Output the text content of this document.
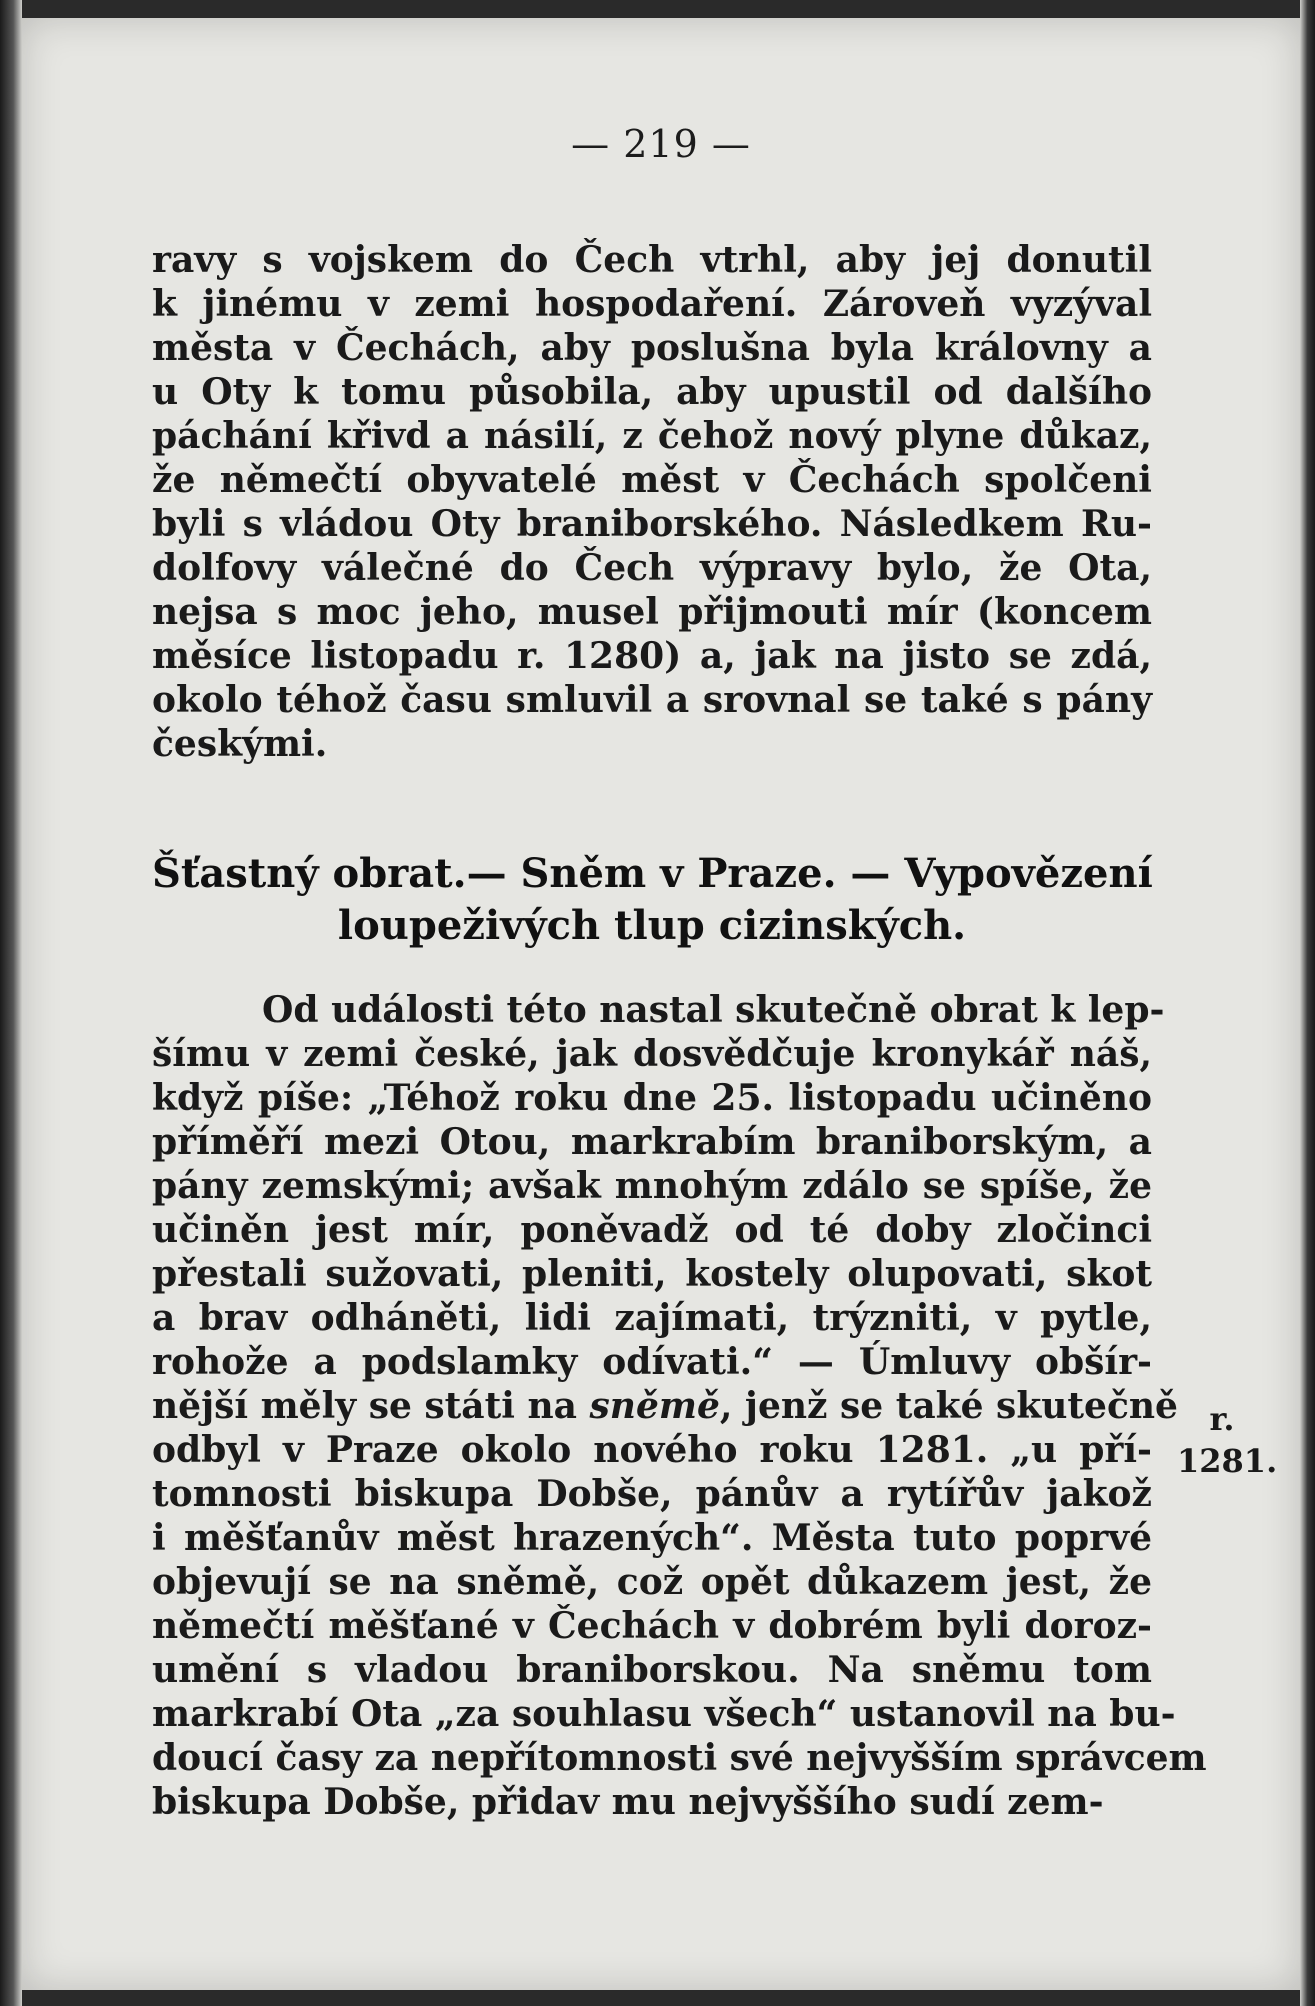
— 219 —
ravy s vojskem do Čech vtrhl, aby jej donutil
k jinému v zemi hospodaření. Zároveň vyzýval
města v Čechách, aby poslušna byla královny a
u Oty k tomu působila, aby upustil od dalšího
páchání křivd a násilí, z čehož nový plyne důkaz,
že němečtí obyvatelé měst v Čechách spolčeni
byli s vládou Oty braniborského. Následkem Ru-
dolfovy válečné do Čech výpravy bylo, že Ota,
nejsa s moc jeho, musel přijmouti mír (koncem
měsíce listopadu r. 1280) a, jak na jisto se zdá,
okolo téhož času smluvil a srovnal se také s pány
českými.
Šťastný obrat.— Sněm v Praze. — Vypovězení
loupeživých tlup cizinských.
Od události této nastal skutečně obrat k lep-
šímu v zemi české, jak dosvědčuje kronykář náš,
když píše: „Téhož roku dne 25. listopadu učiněno
příměří mezi Otou, markrabím braniborským, a
pány zemskými; avšak mnohým zdálo se spíše, že
učiněn jest mír, poněvadž od té doby zločinci
přestali sužovati, pleniti, kostely olupovati, skot
a brav odháněti, lidi zajímati, trýzniti, v pytle,
rohože a podslamky odívati.“ — Úmluvy obšír-
nější měly se státi na sněmě, jenž se také skutečně
odbyl v Praze okolo nového roku 1281. „u pří-
tomnosti biskupa Dobše, pánův a rytířův jakož
i měšťanův měst hrazených“. Města tuto poprvé
objevují se na sněmě, což opět důkazem jest, že
němečtí měšťané v Čechách v dobrém byli doroz-
umění s vladou braniborskou. Na sněmu tom
markrabí Ota „za souhlasu všech“ ustanovil na bu-
doucí časy za nepřítomnosti své nejvyšším správcem
biskupa Dobše, přidav mu nejvyššího sudí zem-
r.
1281.
